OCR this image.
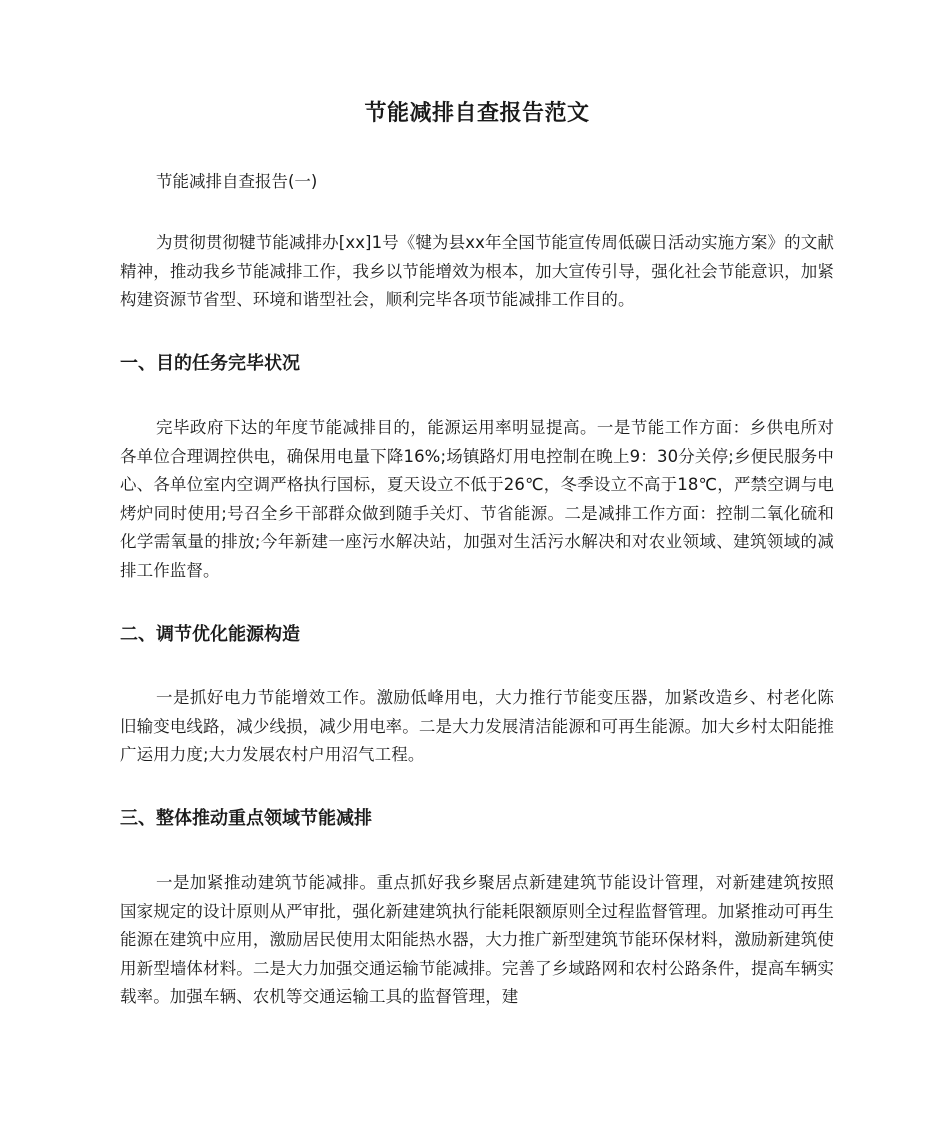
节能减排自查报告范文
节能减排自查报告(一)
为贯彻贯彻犍节能减排办[xx]1号《犍为县xx年全国节能宣传周低碳日活动实施方案》的文献精神，推动我乡节能减排工作，我乡以节能增效为根本，加大宣传引导，强化社会节能意识，加紧构建资源节省型、环境和谐型社会，顺利完毕各项节能减排工作目的。
一、目的任务完毕状况
完毕政府下达的年度节能减排目的，能源运用率明显提高。一是节能工作方面：乡供电所对各单位合理调控供电，确保用电量下降16%;场镇路灯用电控制在晚上9：30分关停;乡便民服务中心、各单位室内空调严格执行国标，夏天设立不低于26℃，冬季设立不高于18℃，严禁空调与电烤炉同时使用;号召全乡干部群众做到随手关灯、节省能源。二是减排工作方面：控制二氧化硫和化学需氧量的排放;今年新建一座污水解决站，加强对生活污水解决和对农业领域、建筑领域的减排工作监督。
二、调节优化能源构造
一是抓好电力节能增效工作。激励低峰用电，大力推行节能变压器，加紧改造乡、村老化陈旧输变电线路，减少线损，减少用电率。二是大力发展清洁能源和可再生能源。加大乡村太阳能推广运用力度;大力发展农村户用沼气工程。
三、整体推动重点领域节能减排
一是加紧推动建筑节能减排。重点抓好我乡聚居点新建建筑节能设计管理，对新建建筑按照国家规定的设计原则从严审批，强化新建建筑执行能耗限额原则全过程监督管理。加紧推动可再生能源在建筑中应用，激励居民使用太阳能热水器，大力推广新型建筑节能环保材料，激励新建筑使用新型墙体材料。二是大力加强交通运输节能减排。完善了乡域路网和农村公路条件，提高车辆实载率。加强车辆、农机等交通运输工具的监督管理，建
